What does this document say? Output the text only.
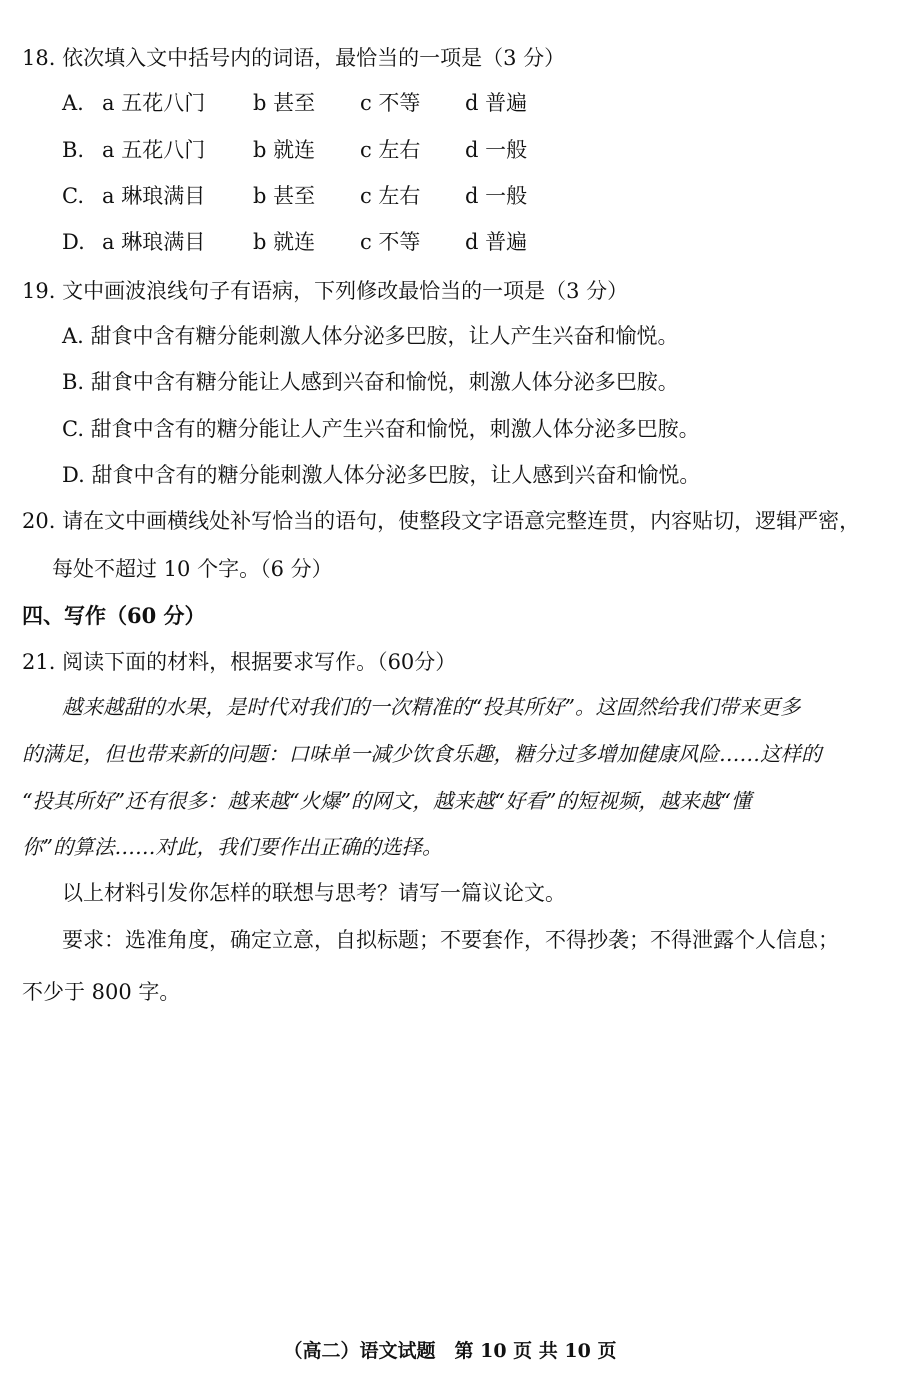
18. 依次填入文中括号内的词语，最恰当的一项是（3 分）
A. a 五花八门 b 甚至 c 不等 d 普遍
B. a 五花八门 b 就连 c 左右 d 一般
C. a 琳琅满目 b 甚至 c 左右 d 一般
D. a 琳琅满目 b 就连 c 不等 d 普遍
19. 文中画波浪线句子有语病，下列修改最恰当的一项是（3 分）
A. 甜食中含有糖分能刺激人体分泌多巴胺，让人产生兴奋和愉悦。
B. 甜食中含有糖分能让人感到兴奋和愉悦，刺激人体分泌多巴胺。
C. 甜食中含有的糖分能让人产生兴奋和愉悦，刺激人体分泌多巴胺。
D. 甜食中含有的糖分能刺激人体分泌多巴胺，让人感到兴奋和愉悦。
20. 请在文中画横线处补写恰当的语句，使整段文字语意完整连贯，内容贴切，逻辑严密，
每处不超过 10 个字。（6 分）
四、写作（60 分）
21. 阅读下面的材料，根据要求写作。（60分）
越来越甜的水果，是时代对我们的一次精准的“投其所好”。这固然给我们带来更多
的满足，但也带来新的问题：口味单一减少饮食乐趣，糖分过多增加健康风险……这样的
“投其所好”还有很多：越来越“火爆”的网文，越来越“好看”的短视频，越来越“懂
你”的算法……对此，我们要作出正确的选择。
以上材料引发你怎样的联想与思考？请写一篇议论文。
要求：选准角度，确定立意，自拟标题；不要套作，不得抄袭；不得泄露个人信息；
不少于 800 字。
（高二）语文试题　第 10 页 共 10 页
